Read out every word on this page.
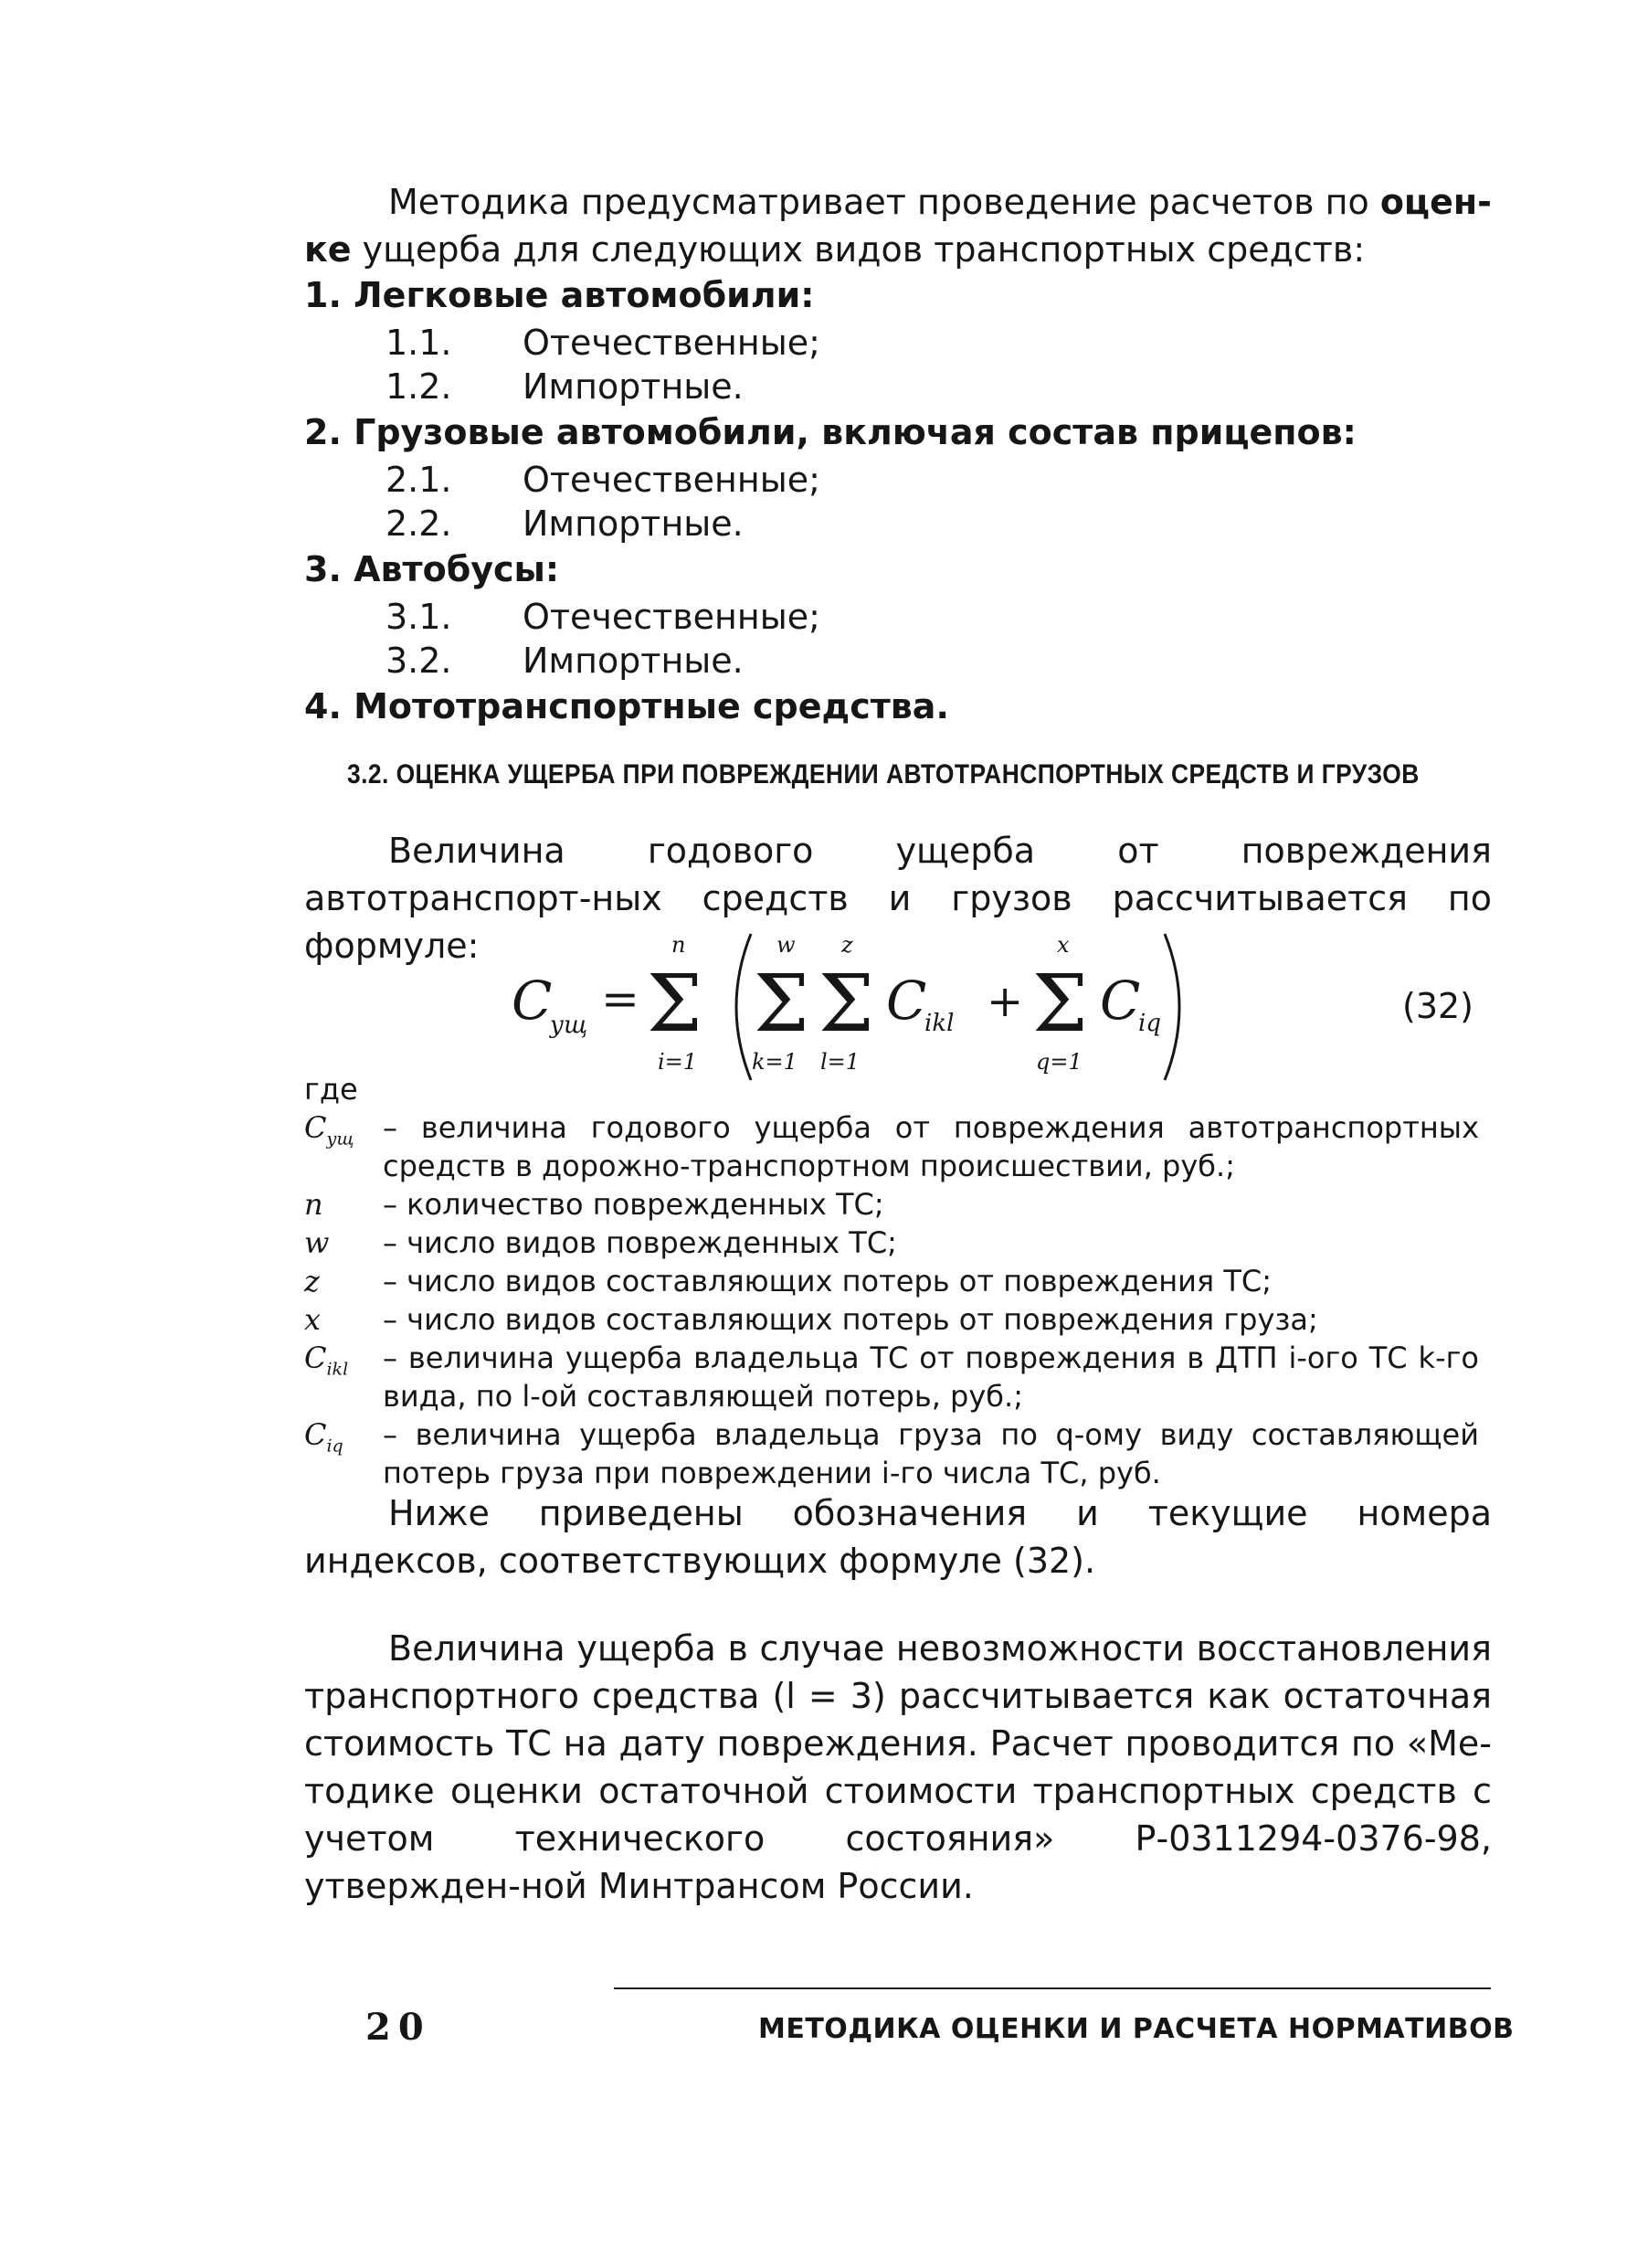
Методика предусматривает проведение расчетов по оцен-
ке ущерба для следующих видов транспортных средств:

1. Легковые автомобили:

1.1. Отечественные;

1.2. Импортные.

2. Грузовые автомобили, включая состав прицепов:

2.1. Отечественные;

2.2. Импортные.

3. Автобусы:

3.1. Отечественные;

3.2. Импортные.

4. Мототранспортные средства.

3.2. ОЦЕНКА УЩЕРБА ПРИ ПОВРЕЖДЕНИИ АВТОТРАНСПОРТНЫХ СРЕДСТВ И ГРУЗОВ

Величина годового ущерба от повреждения автотранспорт-ных средств и грузов рассчитывается по формуле:

C
ущ =
n
Σ
i=1
w
Σ
k=1
z
Σ
l=1
C
ikl +
x
Σ
q=1
C
iq	(32)
где
$C_{ущ}$ – величина годового ущерба от повреждения автотранспортных средств в дорожно-транспортном происшествии, руб.;
n	– количество поврежденных ТС;
w	– число видов поврежденных ТС;
z	– число видов составляющих потерь от повреждения ТС;
x	– число видов составляющих потерь от повреждения груза;
$C_{ikl}$	– величина ущерба владельца ТС от повреждения в ДТП i-ого ТС k-го вида, по l-ой составляющей потерь, руб.;
$C_{iq}$	– величина ущерба владельца груза по q-ому виду составляющей потерь груза при повреждении i-го числа ТС, руб.

Ниже приведены обозначения и текущие номера индексов, соответствующих формуле (32).

Величина ущерба в случае невозможности восстановления транспортного средства (l = 3) рассчитывается как остаточная стоимость ТС на дату повреждения. Расчет проводится по «Ме-тодике оценки остаточной стоимости транспортных средств с учетом технического состояния» Р-0311294-0376-98, утвержден-ной Минтрансом России.

20	МЕТОДИКА ОЦЕНКИ И РАСЧЕТА НОРМАТИВОВ
